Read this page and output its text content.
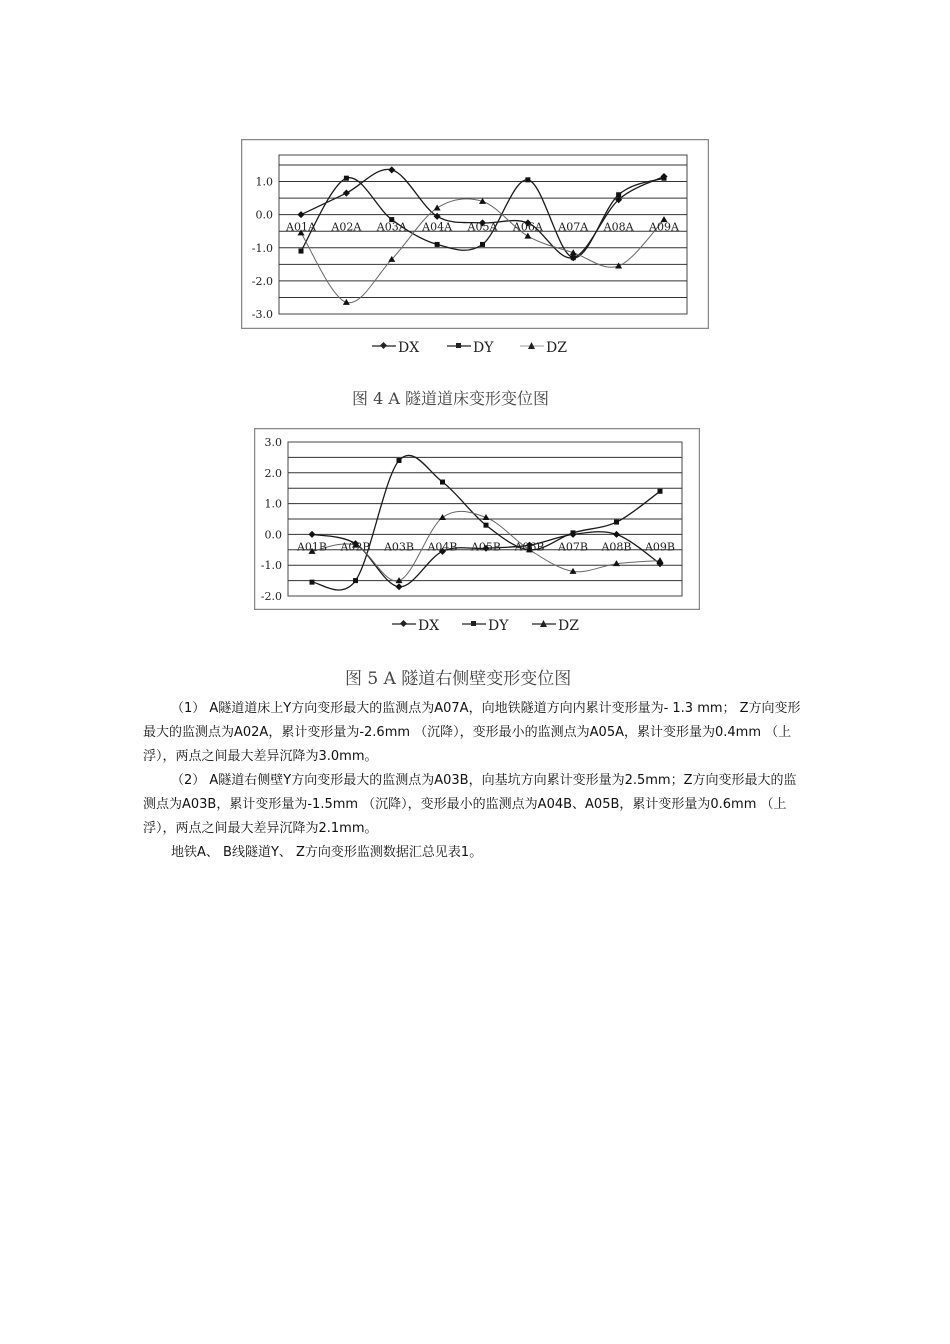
1.0
0.0
-1.0
-2.0
-3.0
A01A A02A A03A A04A A05A A06A A07A A08A A09A
DX	DY	DZ
图 4 A 隧道道床变形变位图
3.0
2.0
1.0
0.0
-1.0
-2.0
A01B A02B A03B A04B A05B A06B A07B A08B A09B
DX	DY	DZ
图 5 A 隧道右侧壁变形变位图

（1） A隧道道床上Y方向变形最大的监测点为A07A，向地铁隧道方向内累计变形量为- 1.3 mm； Z方向变形最大的监测点为A02A，累计变形量为-2.6mm （沉降），变形最小的监测点为A05A，累计变形量为0.4mm （上浮），两点之间最大差异沉降为3.0mm。

（2） A隧道右侧壁Y方向变形最大的监测点为A03B，向基坑方向累计变形量为2.5mm；Z方向变形最大的监测点为A03B，累计变形量为-1.5mm （沉降），变形最小的监测点为A04B、A05B，累计变形量为0.6mm （上浮），两点之间最大差异沉降为2.1mm。

地铁A、 B线隧道Y、 Z方向变形监测数据汇总见表1。
